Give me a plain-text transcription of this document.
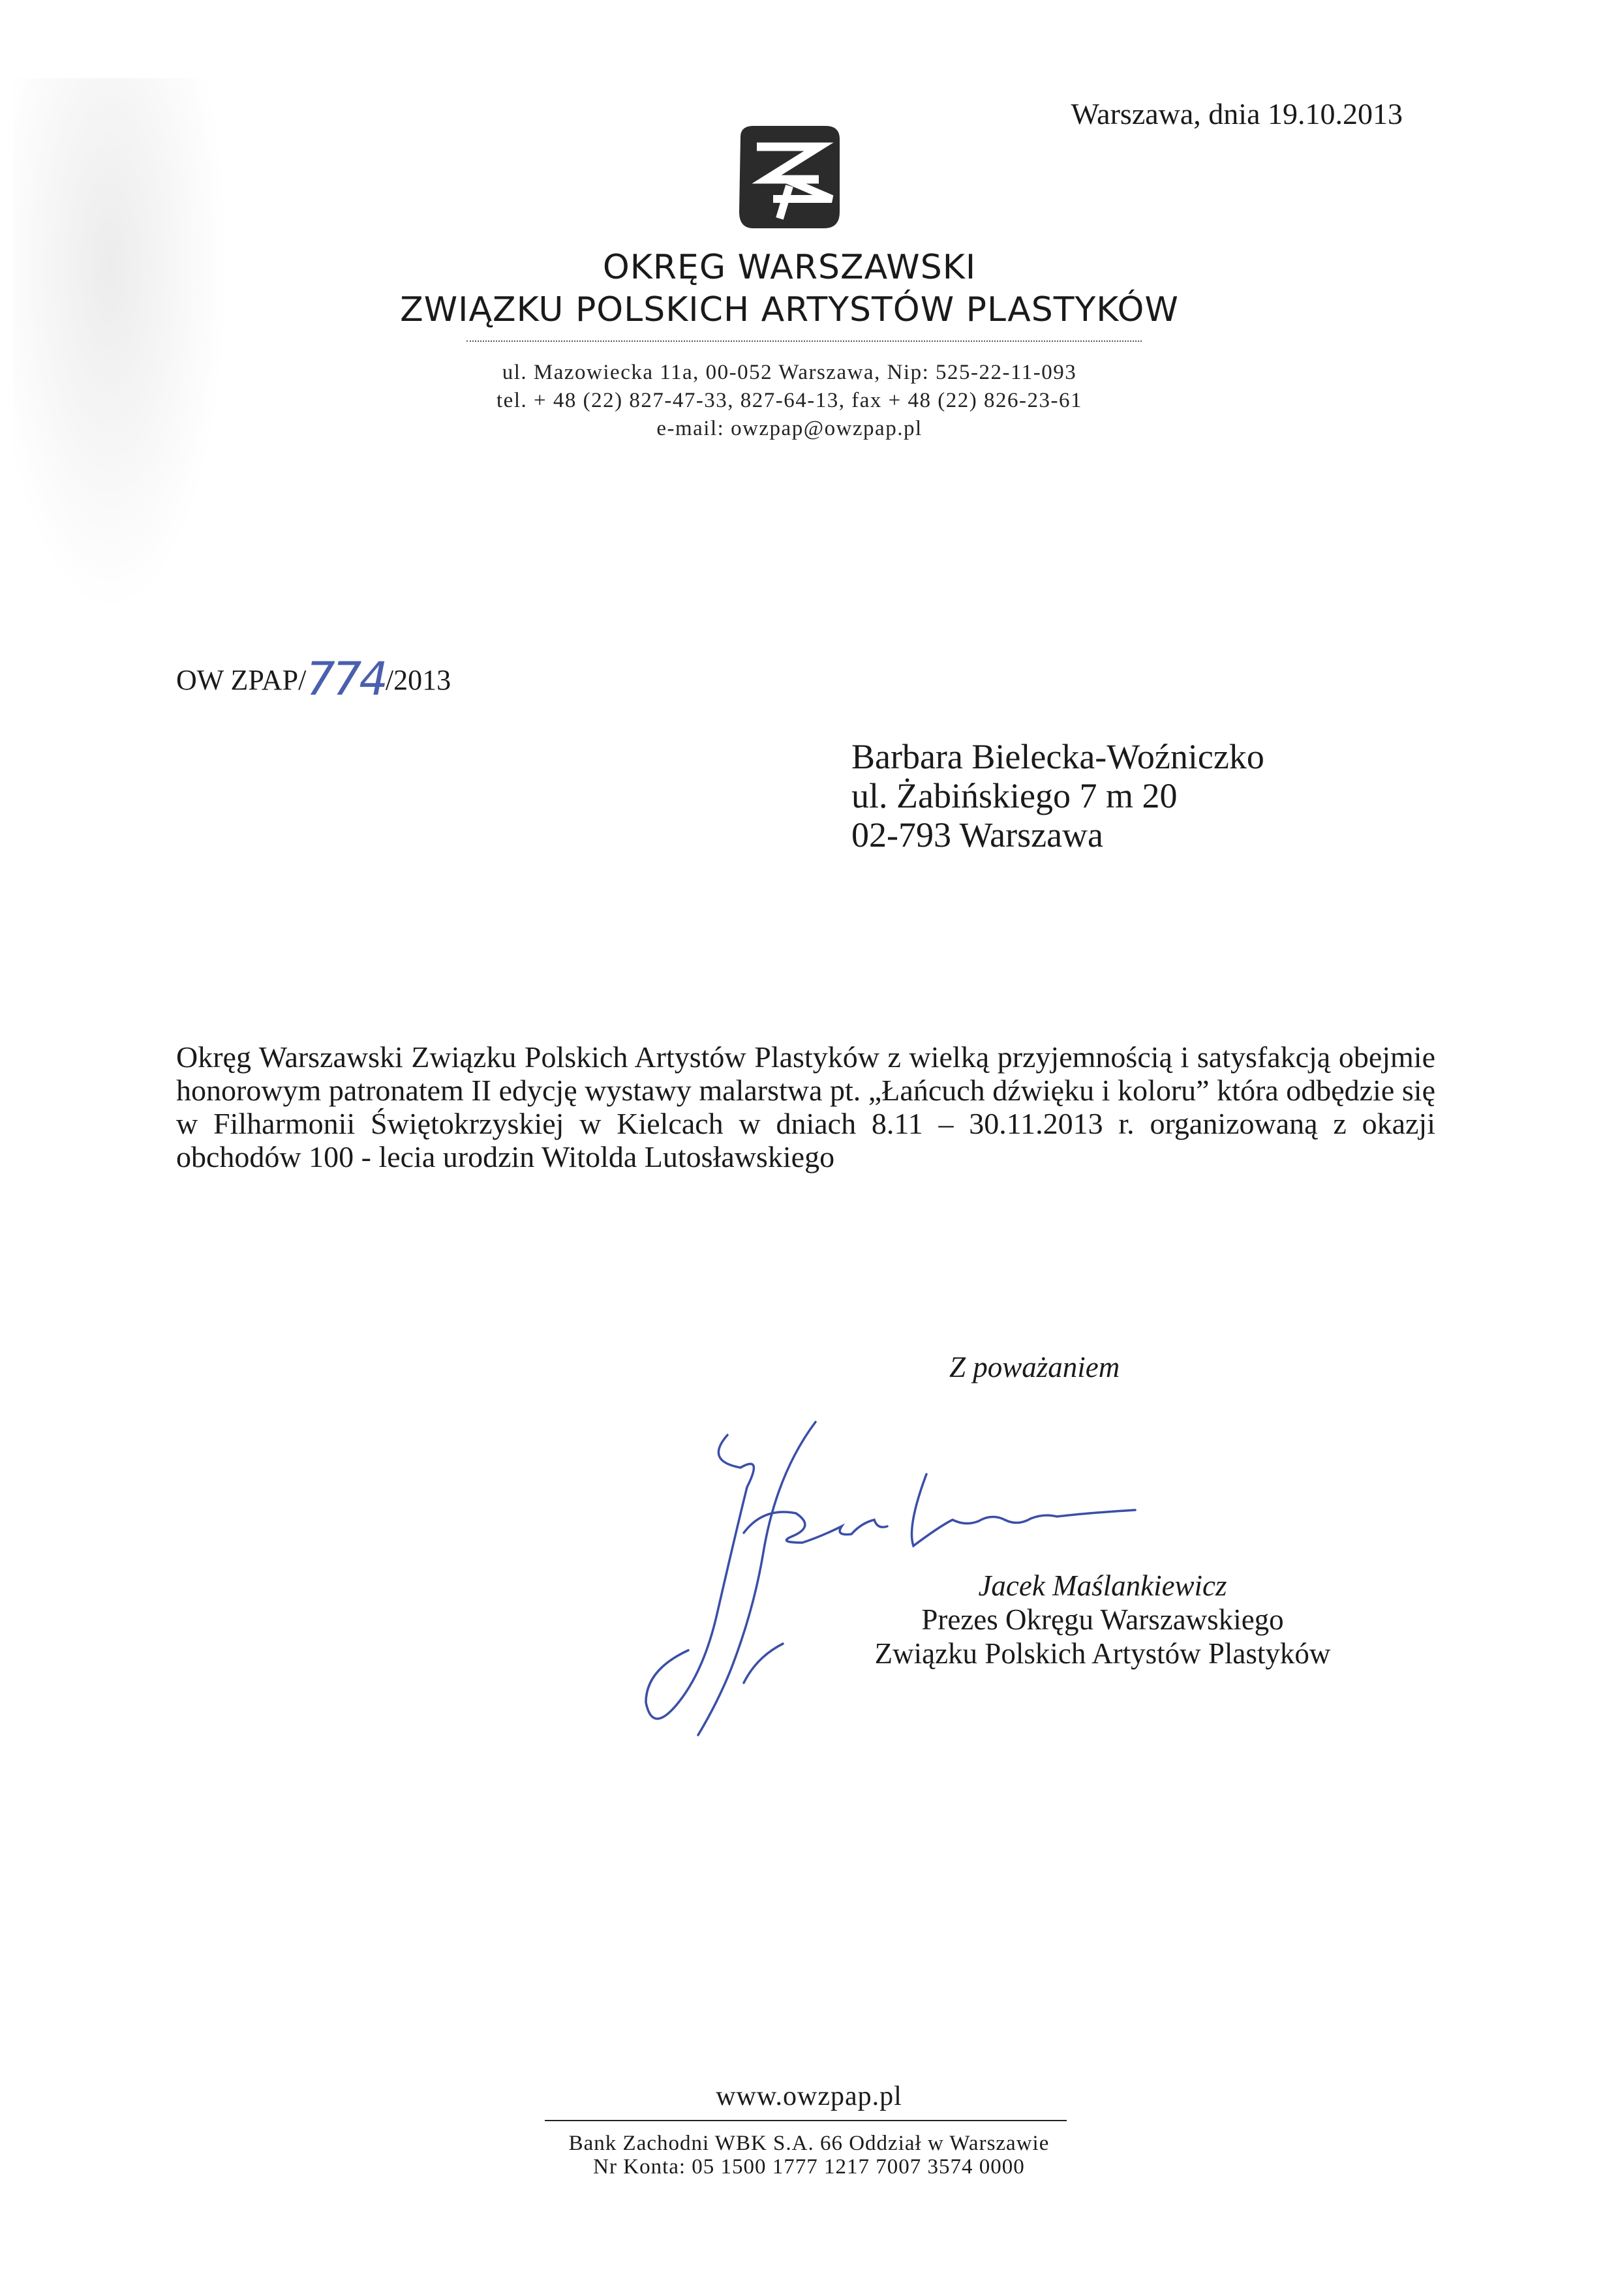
Warszawa, dnia 19.10.2013
OKRĘG WARSZAWSKI
ZWIĄZKU POLSKICH ARTYSTÓW PLASTYKÓW
ul. Mazowiecka 11a, 00-052 Warszawa, Nip: 525-22-11-093
tel. + 48 (22) 827-47-33, 827-64-13, fax + 48 (22) 826-23-61
e-mail: owzpap@owzpap.pl
OW ZPAP/774/2013
Barbara Bielecka-Woźniczko
ul. Żabińskiego 7 m 20
02-793 Warszawa
Okręg Warszawski Związku Polskich Artystów Plastyków z wielką przyjemnością i satysfakcją obejmie honorowym patronatem II edycję wystawy malarstwa pt. „Łańcuch dźwięku i koloru” która odbędzie się w Filharmonii Świętokrzyskiej w Kielcach w dniach 8.11 – 30.11.2013 r. organizowaną z okazji obchodów 100 - lecia urodzin Witolda Lutosławskiego
Z poważaniem
Jacek Maślankiewicz
Prezes Okręgu Warszawskiego
Związku Polskich Artystów Plastyków
www.owzpap.pl
Bank Zachodni WBK S.A. 66 Oddział w Warszawie
Nr Konta: 05 1500 1777 1217 7007 3574 0000
